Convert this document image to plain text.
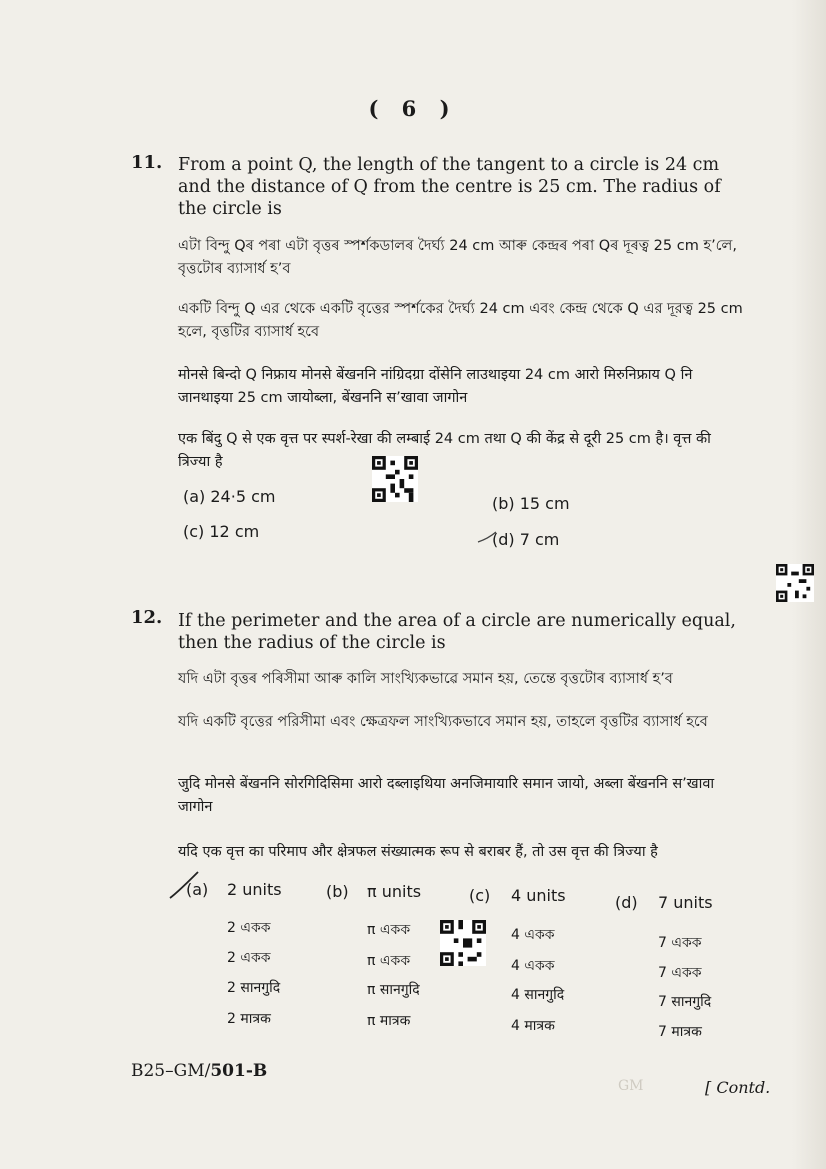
( 6 )
11. From a point Q, the length of the tangent to a circle is 24 cm and the distance of Q from the centre is 25 cm. The radius of the circle is
এটা বিন্দু Qৰ পৰা এটা বৃত্তৰ স্পৰ্শকডালৰ দৈৰ্ঘ্য 24 cm আৰু কেন্দ্ৰৰ পৰা Qৰ দূৰত্ব 25 cm হ’লে, বৃত্তটোৰ ব্যাসাৰ্ধ হ’ব
একটি বিন্দু Q এর থেকে একটি বৃত্তের স্পর্শকের দৈর্ঘ্য 24 cm এবং কেন্দ্র থেকে Q এর দূরত্ব 25 cm হলে, বৃত্তটির ব্যাসার্ধ হবে
मोनसे बिन्दो Q निफ्राय मोनसे बेंखननि नांग्रिदग्रा दोंसेनि लाउथाइया 24 cm आरो मिरुनिफ्राय Q नि जानथाइया 25 cm जायोब्ला, बेंखननि स’खावा जागोन
एक बिंदु Q से एक वृत्त पर स्पर्श-रेखा की लम्बाई 24 cm तथा Q की केंद्र से दूरी 25 cm है। वृत्त की त्रिज्या है
(a) 24·5 cm	(b) 15 cm
(c) 12 cm	(d) 7 cm
12. If the perimeter and the area of a circle are numerically equal, then the radius of the circle is
যদি এটা বৃত্তৰ পৰিসীমা আৰু কালি সাংখ্যিকভাৱে সমান হয়, তেন্তে বৃত্তটোৰ ব্যাসাৰ্ধ হ’ব
যদি একটি বৃত্তের পরিসীমা এবং ক্ষেত্রফল সাংখ্যিকভাবে সমান হয়, তাহলে বৃত্তটির ব্যাসার্ধ হবে
जुदि मोनसे बेंखननि सोरगिदिसिमा आरो दब्लाइथिया अनजिमायारि समान जायो, अब्ला बेंखननि स’खावा जागोन
यदि एक वृत्त का परिमाप और क्षेत्रफल संख्यात्मक रूप से बराबर हैं, तो उस वृत्त की त्रिज्या है
(a) 2 units
2 একক
2 একক
2 सानगुदि
2 मात्रक
(b) π units
π একক
π একক
π सानगुदि
π मात्रक
(c) 4 units
4 একক
4 একক
4 सानगुदि
4 मात्रक
(d) 7 units
7 একক
7 একক
7 सानगुदि
7 मात्रक
B25–GM/501-B
GM	[ Contd.
